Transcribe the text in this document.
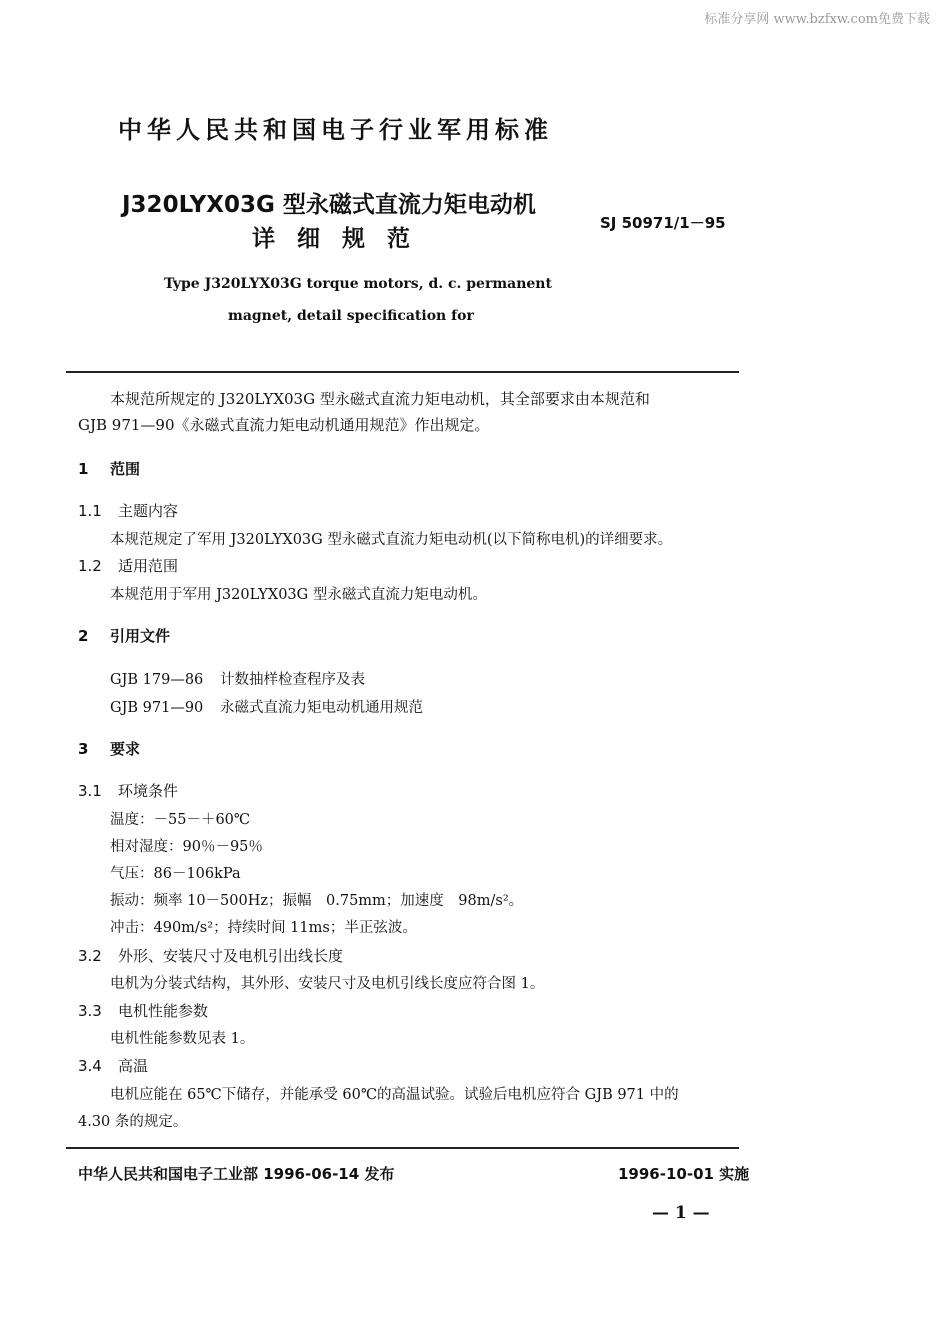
标准分享网 www.bzfxw.com免费下载
中华人民共和国电子行业军用标准
J320LYX03G 型永磁式直流力矩电动机
详细规范
SJ 50971/1－95
Type J320LYX03G torque motors, d. c. permanent
magnet, detail specification for
本规范所规定的 J320LYX03G 型永磁式直流力矩电动机，其全部要求由本规范和
GJB 971—90《永磁式直流力矩电动机通用规范》作出规定。
1 范围
1.1 主题内容
本规范规定了军用 J320LYX03G 型永磁式直流力矩电动机(以下简称电机)的详细要求。
1.2 适用范围
本规范用于军用 J320LYX03G 型永磁式直流力矩电动机。
2 引用文件
GJB 179—86 计数抽样检查程序及表
GJB 971—90 永磁式直流力矩电动机通用规范
3 要求
3.1 环境条件
温度：－55－＋60℃
相对湿度：90％－95％
气压：86－106kPa
振动：频率 10－500Hz；振幅　0.75mm；加速度　98m/s²。
冲击：490m/s²；持续时间 11ms；半正弦波。
3.2 外形、安装尺寸及电机引出线长度
电机为分装式结构，其外形、安装尺寸及电机引线长度应符合图 1。
3.3 电机性能参数
电机性能参数见表 1。
3.4 高温
电机应能在 65℃下储存，并能承受 60℃的高温试验。试验后电机应符合 GJB 971 中的
4.30 条的规定。
中华人民共和国电子工业部 1996-06-14 发布	1996-10-01 实施
— 1 —
